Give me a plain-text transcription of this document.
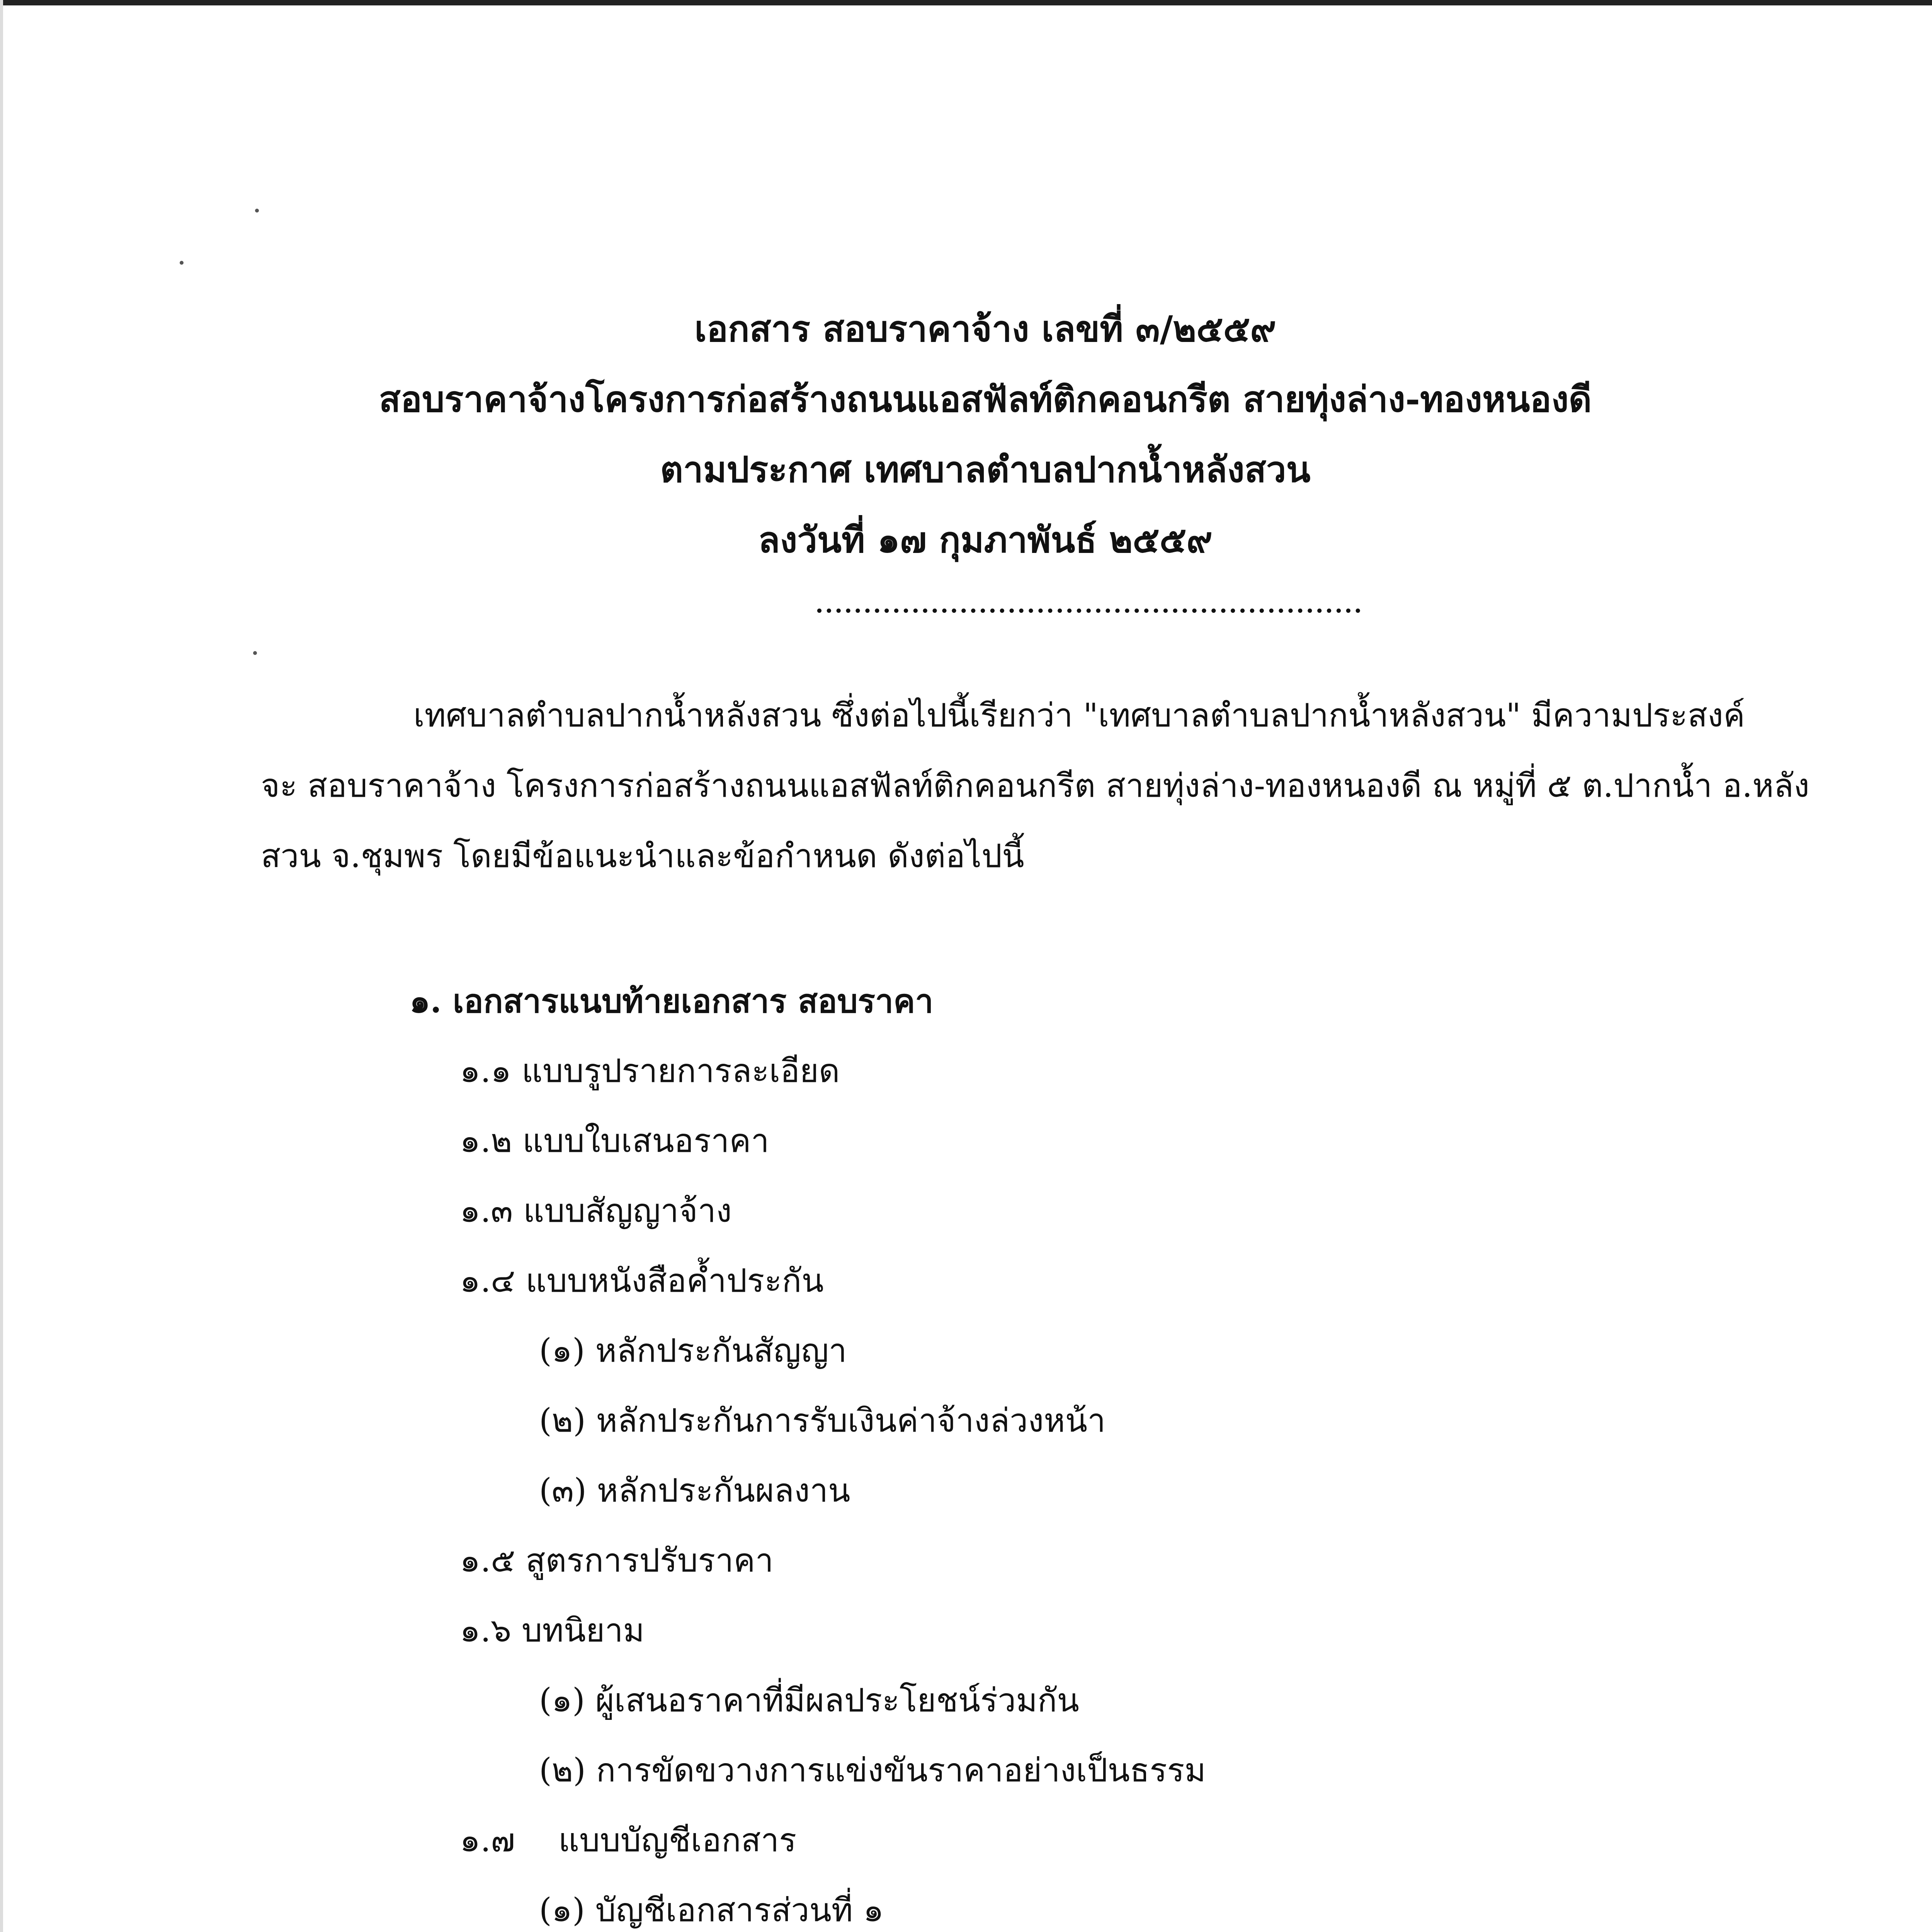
เอกสาร สอบราคาจ้าง เลขที่ ๓/๒๕๕๙
สอบราคาจ้างโครงการก่อสร้างถนนแอสฟัลท์ติกคอนกรีต สายทุ่งล่าง-ทองหนองดี
ตามประกาศ เทศบาลตำบลปากน้ำหลังสวน
ลงวันที่ ๑๗ กุมภาพันธ์ ๒๕๕๙
.........................................................
เทศบาลตำบลปากน้ำหลังสวน ซึ่งต่อไปนี้เรียกว่า "เทศบาลตำบลปากน้ำหลังสวน" มีความประสงค์
จะ สอบราคาจ้าง โครงการก่อสร้างถนนแอสฟัลท์ติกคอนกรีต สายทุ่งล่าง-ทองหนองดี ณ หมู่ที่ ๕ ต.ปากน้ำ อ.หลัง
สวน จ.ชุมพร โดยมีข้อแนะนำและข้อกำหนด ดังต่อไปนี้
๑. เอกสารแนบท้ายเอกสาร สอบราคา
๑.๑ แบบรูปรายการละเอียด
๑.๒ แบบใบเสนอราคา
๑.๓ แบบสัญญาจ้าง
๑.๔ แบบหนังสือค้ำประกัน
(๑) หลักประกันสัญญา
(๒) หลักประกันการรับเงินค่าจ้างล่วงหน้า
(๓) หลักประกันผลงาน
๑.๕ สูตรการปรับราคา
๑.๖ บทนิยาม
(๑) ผู้เสนอราคาที่มีผลประโยชน์ร่วมกัน
(๒) การขัดขวางการแข่งขันราคาอย่างเป็นธรรม
๑.๗ แบบบัญชีเอกสาร
(๑) บัญชีเอกสารส่วนที่ ๑
